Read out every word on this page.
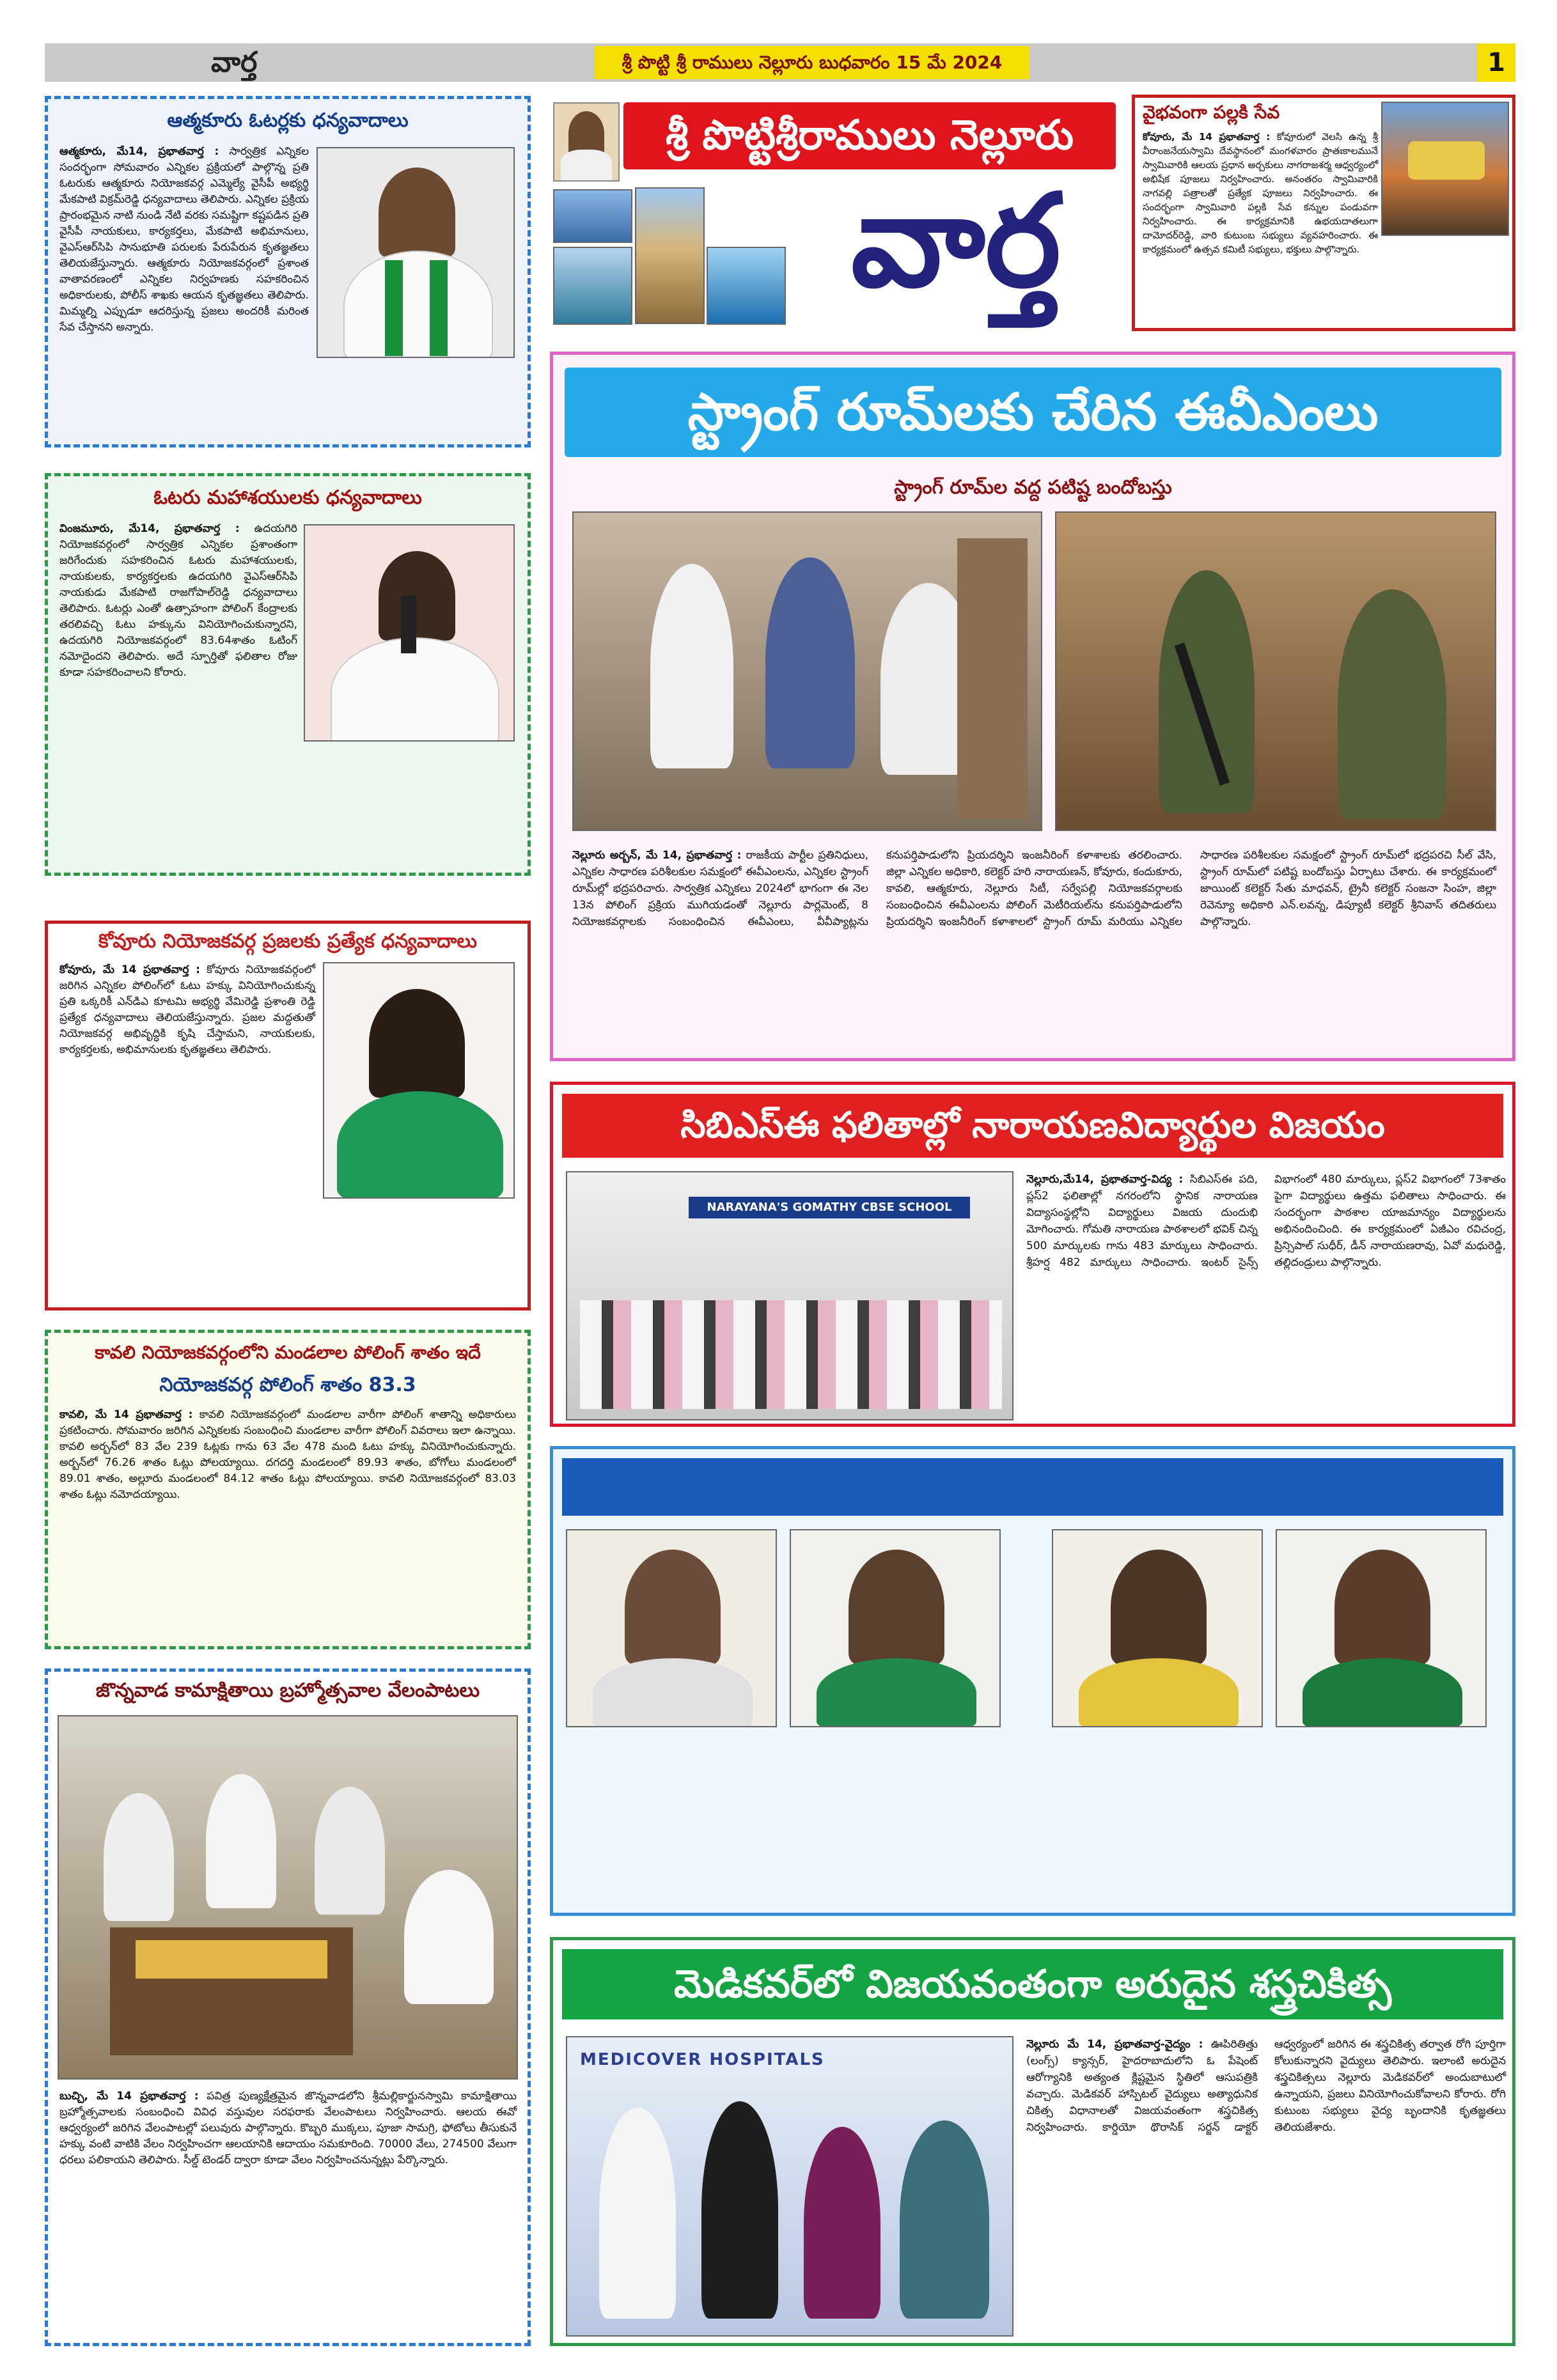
వార్త	శ్రీ పొట్టి శ్రీ రాములు నెల్లూరు బుధవారం 15 మే 2024	1
శ్రీ పొట్టిశ్రీరాములు నెల్లూరు
వార్త
ఆత్మకూరు ఓటర్లకు ధన్యవాదాలు
ఆత్మకూరు, మే14, ప్రభాతవార్త : సార్వత్రిక ఎన్నికల సందర్భంగా సోమవారం ఎన్నికల ప్రక్రియలో పాల్గొన్న ప్రతి ఓటరుకు ఆత్మకూరు నియోజకవర్గ ఎమ్మెల్యే వైసీపీ అభ్యర్థి మేకపాటి విక్రమ్‌రెడ్డి ధన్యవాదాలు తెలిపారు. ఎన్నికల ప్రక్రియ ప్రారంభమైన నాటి నుండి నేటి వరకు సమష్టిగా కష్టపడిన ప్రతి వైసీపీ నాయకులు, కార్యకర్తలు, మేకపాటి అభిమానులు, వైఎస్‌ఆర్‌సిపి సానుభూతి పరులకు పేరుపేరున కృతజ్ఞతలు తెలియజేస్తున్నారు. ఆత్మకూరు నియోజకవర్గంలో ప్రశాంత వాతావరణంలో ఎన్నికల నిర్వహణకు సహకరించిన అధికారులకు, పోలీస్ శాఖకు ఆయన కృతజ్ఞతలు తెలిపారు. మిమ్మల్ని ఎప్పుడూ ఆదరిస్తున్న ప్రజలు అందరికీ మరింత సేవ చేస్తానని అన్నారు.
ఓటరు మహాశయులకు ధన్యవాదాలు
వింజమూరు, మే14, ప్రభాతవార్త : ఉదయగిరి నియోజకవర్గంలో సార్వత్రిక ఎన్నికల ప్రశాంతంగా జరిగేందుకు సహకరించిన ఓటరు మహాశయులకు, నాయకులకు, కార్యకర్తలకు ఉదయగిరి వైఎస్‌ఆర్‌సిపి నాయకుడు మేకపాటి రాజగోపాల్‌రెడ్డి ధన్యవాదాలు తెలిపారు. ఓటర్లు ఎంతో ఉత్సాహంగా పోలింగ్ కేంద్రాలకు తరలివచ్చి ఓటు హక్కును వినియోగించుకున్నారని, ఉదయగిరి నియోజకవర్గంలో 83.64శాతం ఓటింగ్ నమోదైందని తెలిపారు. అదే స్ఫూర్తితో ఫలితాల రోజు కూడా సహకరించాలని కోరారు.
కోవూరు నియోజకవర్గ ప్రజలకు ప్రత్యేక ధన్యవాదాలు
కోవూరు, మే 14 ప్రభాతవార్త : కోవూరు నియోజకవర్గంలో జరిగిన ఎన్నికల పోలింగ్‌లో ఓటు హక్కు వినియోగించుకున్న ప్రతి ఒక్కరికీ ఎన్‌డిఎ కూటమి అభ్యర్థి వేమిరెడ్డి ప్రశాంతి రెడ్డి ప్రత్యేక ధన్యవాదాలు తెలియజేస్తున్నారు. ప్రజల మద్దతుతో నియోజకవర్గ అభివృద్ధికి కృషి చేస్తామని, నాయకులకు, కార్యకర్తలకు, అభిమానులకు కృతజ్ఞతలు తెలిపారు.
కావలి నియోజకవర్గంలోని మండలాల పోలింగ్ శాతం ఇదే
నియోజకవర్గ పోలింగ్ శాతం 83.3
కావలి, మే 14 ప్రభాతవార్త : కావలి నియోజకవర్గంలో మండలాల వారీగా పోలింగ్ శాతాన్ని అధికారులు ప్రకటించారు. సోమవారం జరిగిన ఎన్నికలకు సంబంధించి మండలాల వారీగా పోలింగ్ వివరాలు ఇలా ఉన్నాయి. కావలి అర్బన్‌లో 83 వేల 239 ఓట్లకు గాను 63 వేల 478 మంది ఓటు హక్కు వినియోగించుకున్నారు. అర్బన్‌లో 76.26 శాతం ఓట్లు పోలయ్యాయి. దగదర్తి మండలంలో 89.93 శాతం, బోగోలు మండలంలో 89.01 శాతం, అల్లూరు మండలంలో 84.12 శాతం ఓట్లు పోలయ్యాయి. కావలి నియోజకవర్గంలో 83.03 శాతం ఓట్లు నమోదయ్యాయి.
జొన్నవాడ కామాక్షితాయి బ్రహ్మోత్సవాల వేలంపాటలు
బుచ్చి, మే 14 ప్రభాతవార్త : పవిత్ర పుణ్యక్షేత్రమైన జొన్నవాడలోని శ్రీమల్లికార్జునస్వామి కామాక్షితాయి బ్రహ్మోత్సవాలకు సంబంధించి వివిధ వస్తువుల సరఫరాకు వేలంపాటలు నిర్వహించారు. ఆలయ ఈవో ఆధ్వర్యంలో జరిగిన వేలంపాటల్లో పలువురు పాల్గొన్నారు. కొబ్బరి ముక్కలు, పూజా సామగ్రి, ఫోటోలు తీసుకునే హక్కు వంటి వాటికి వేలం నిర్వహించగా ఆలయానికి ఆదాయం సమకూరింది. 70000 వేలు, 274500 వేలుగా ధరలు పలికాయని తెలిపారు. సీల్డ్ టెండర్ ద్వారా కూడా వేలం నిర్వహించనున్నట్లు పేర్కొన్నారు.
వైభవంగా పల్లకి సేవ
కోవూరు, మే 14 ప్రభాతవార్త : కోవూరులో వెలసి ఉన్న శ్రీ వీరాంజనేయస్వామి దేవస్థానంలో మంగళవారం ప్రాతఃకాలమునే స్వామివారికి ఆలయ ప్రధాన అర్చకులు నాగరాజశర్మ ఆధ్వర్యంలో అభిషేక పూజలు నిర్వహించారు. అనంతరం స్వామివారికి నాగవల్లి పత్రాలతో ప్రత్యేక పూజలు నిర్వహించారు. ఈ సందర్భంగా స్వామివారి పల్లకి సేవ కన్నుల పండువగా నిర్వహించారు. ఈ కార్యక్రమానికి ఉభయదాతలుగా దామోదర్‌రెడ్డి, వారి కుటుంబ సభ్యులు వ్యవహరించారు. ఈ కార్యక్రమంలో ఉత్సవ కమిటీ సభ్యులు, భక్తులు పాల్గొన్నారు.
స్ట్రాంగ్ రూమ్‌లకు చేరిన ఈవీఎంలు
స్ట్రాంగ్ రూమ్‌ల వద్ద పటిష్ట బందోబస్తు
నెల్లూరు అర్బన్, మే 14, ప్రభాతవార్త : రాజకీయ పార్టీల ప్రతినిధులు, ఎన్నికల సాధారణ పరిశీలకుల సమక్షంలో ఈవీఎంలను, ఎన్నికల స్ట్రాంగ్ రూమ్‌ల్లో భద్రపరిచారు. సార్వత్రిక ఎన్నికలు 2024లో భాగంగా ఈ నెల 13న పోలింగ్ ప్రక్రియ ముగియడంతో నెల్లూరు పార్లమెంట్, 8 నియోజకవర్గాలకు సంబంధించిన ఈవీఎంలు, వీవీప్యాట్లను కనుపర్తిపాడులోని ప్రియదర్శిని ఇంజనీరింగ్ కళాశాలకు తరలించారు. జిల్లా ఎన్నికల అధికారి, కలెక్టర్ హరి నారాయణన్, కోవూరు, కందుకూరు, కావలి, ఆత్మకూరు, నెల్లూరు సిటీ, సర్వేపల్లి నియోజకవర్గాలకు సంబంధించిన ఈవీఎంలను పోలింగ్ మెటీరియల్‌ను కనుపర్తిపాడులోని ప్రియదర్శిని ఇంజనీరింగ్ కళాశాలలో స్ట్రాంగ్ రూమ్ మరియు ఎన్నికల సాధారణ పరిశీలకుల సమక్షంలో స్ట్రాంగ్ రూమ్‌లో భద్రపరచి సీల్ వేసి, స్ట్రాంగ్ రూమ్‌లో పటిష్ట బందోబస్తు ఏర్పాటు చేశారు. ఈ కార్యక్రమంలో జాయింట్ కలెక్టర్ సేతు మాధవన్, ట్రైనీ కలెక్టర్ సంజనా సింహ, జిల్లా రెవెన్యూ అధికారి ఎన్.లవన్న, డిప్యూటీ కలెక్టర్ శ్రీనివాస్ తదితరులు పాల్గొన్నారు.
సిబిఎస్ఈ ఫలితాల్లో నారాయణవిద్యార్థుల విజయం
NARAYANA'S GOMATHY CBSE SCHOOL
నెల్లూరు,మే14, ప్రభాతవార్త-విద్య : సిబిఎస్ఈ పది, ప్లస్2 ఫలితాల్లో నగరంలోని స్థానిక నారాయణ విద్యాసంస్థల్లోని విద్యార్థులు విజయ దుందుభి మోగించారు. గోమతి నారాయణ పాఠశాలలో భవిక్ చిన్న 500 మార్కులకు గాను 483 మార్కులు సాధించారు. శ్రీహర్ష 482 మార్కులు సాధించారు. ఇంటర్ సైన్స్ విభాగంలో 480 మార్కులు, ప్లస్2 విభాగంలో 73శాతం పైగా విద్యార్థులు ఉత్తమ ఫలితాలు సాధించారు. ఈ సందర్భంగా పాఠశాల యాజమాన్యం విద్యార్థులను అభినందించింది. ఈ కార్యక్రమంలో ఏజీఎం రవిచంద్ర, ప్రిన్సిపాల్ సుధీర్, డీన్ నారాయణరావు, ఏవో మధురెడ్డి, తల్లిదండ్రులు పాల్గొన్నారు.
మెడికవర్‌లో విజయవంతంగా అరుదైన శస్త్రచికిత్స
MEDICOVER HOSPITALS
నెల్లూరు మే 14, ప్రభాతవార్త-వైద్యం : ఊపిరితిత్తు (లంగ్స్) క్యాన్సర్, హైదరాబాదులోని ఓ పేషెంట్ ఆరోగ్యానికి అత్యంత క్లిష్టమైన స్థితిలో ఆసుపత్రికి వచ్చారు. మెడికవర్ హాస్పిటల్ వైద్యులు అత్యాధునిక చికిత్స విధానాలతో విజయవంతంగా శస్త్రచికిత్స నిర్వహించారు. కార్డియో థొరాసిక్ సర్జన్ డాక్టర్ ఆధ్వర్యంలో జరిగిన ఈ శస్త్రచికిత్స తర్వాత రోగి పూర్తిగా కోలుకున్నారని వైద్యులు తెలిపారు. ఇలాంటి అరుదైన శస్త్రచికిత్సలు నెల్లూరు మెడికవర్‌లో అందుబాటులో ఉన్నాయని, ప్రజలు వినియోగించుకోవాలని కోరారు. రోగి కుటుంబ సభ్యులు వైద్య బృందానికి కృతజ్ఞతలు తెలియజేశారు.
